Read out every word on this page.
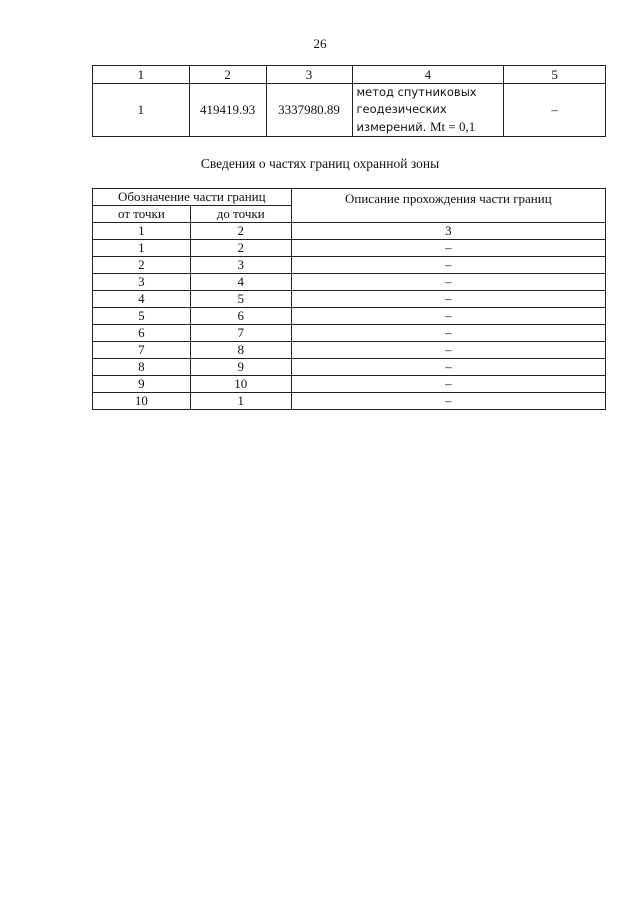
26
1	2	3	4	5
1	419419.93	3337980.89	метод спутниковых
геодезических
измерений. Mt = 0,1	–
Сведения о частях границ охранной зоны
Обозначение части границ		Описание прохождения части границ
от точки	до точки	
1	2	3
1	2	–
2	3	–
3	4	–
4	5	–
5	6	–
6	7	–
7	8	–
8	9	–
9	10	–
10	1	–
